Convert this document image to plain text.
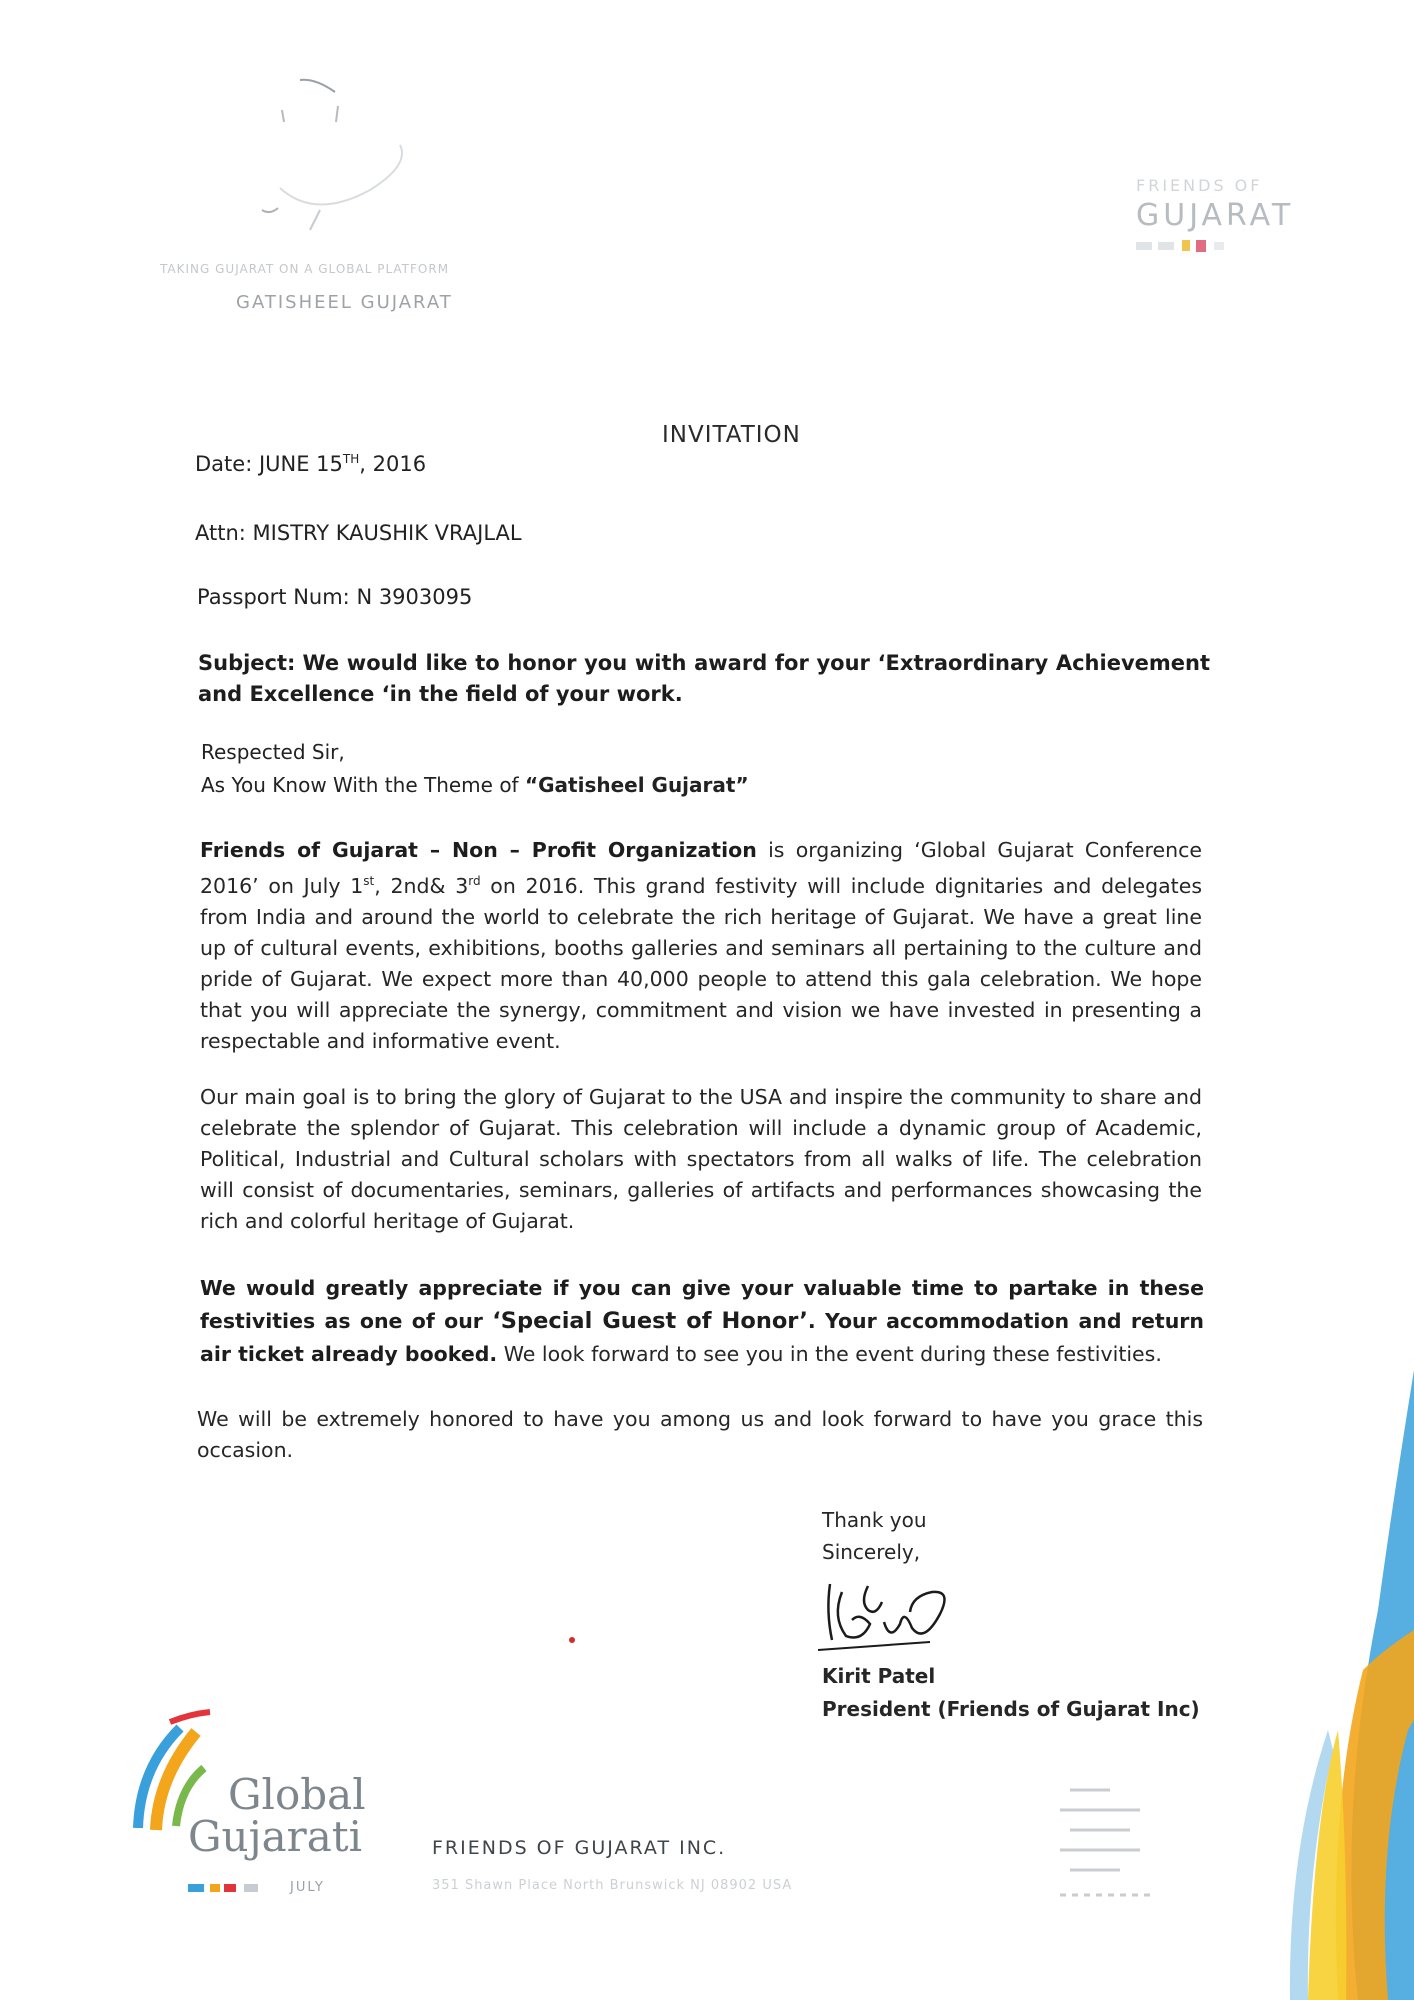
TAKING GUJARAT ON A GLOBAL PLATFORM
GATISHEEL GUJARAT
FRIENDS OF
GUJARAT
INVITATION
Date: JUNE 15TH, 2016
Attn: MISTRY KAUSHIK VRAJLAL
Passport Num: N 3903095
Subject: We would like to honor you with award for your ‘Extraordinary Achievement and Excellence ‘in the field of your work.
Respected Sir,
As You Know With the Theme of “Gatisheel Gujarat”
Friends of Gujarat – Non – Profit Organization is organizing ‘Global Gujarat Conference 2016’ on July 1st, 2nd& 3rd on 2016. This grand festivity will include dignitaries and delegates from India and around the world to celebrate the rich heritage of Gujarat. We have a great line up of cultural events, exhibitions, booths galleries and seminars all pertaining to the culture and pride of Gujarat. We expect more than 40,000 people to attend this gala celebration. We hope that you will appreciate the synergy, commitment and vision we have invested in presenting a respectable and informative event.
Our main goal is to bring the glory of Gujarat to the USA and inspire the community to share and celebrate the splendor of Gujarat. This celebration will include a dynamic group of Academic, Political, Industrial and Cultural scholars with spectators from all walks of life. The celebration will consist of documentaries, seminars, galleries of artifacts and performances showcasing the rich and colorful heritage of Gujarat.
We would greatly appreciate if you can give your valuable time to partake in these festivities as one of our ‘Special Guest of Honor’. Your accommodation and return air ticket already booked. We look forward to see you in the event during these festivities.
We will be extremely honored to have you among us and look forward to have you grace this occasion.
Thank you
Sincerely,
Kirit Patel
President (Friends of Gujarat Inc)
Global
Gujarati
JULY
FRIENDS OF GUJARAT INC.
351 Shawn Place North Brunswick NJ 08902 USA
